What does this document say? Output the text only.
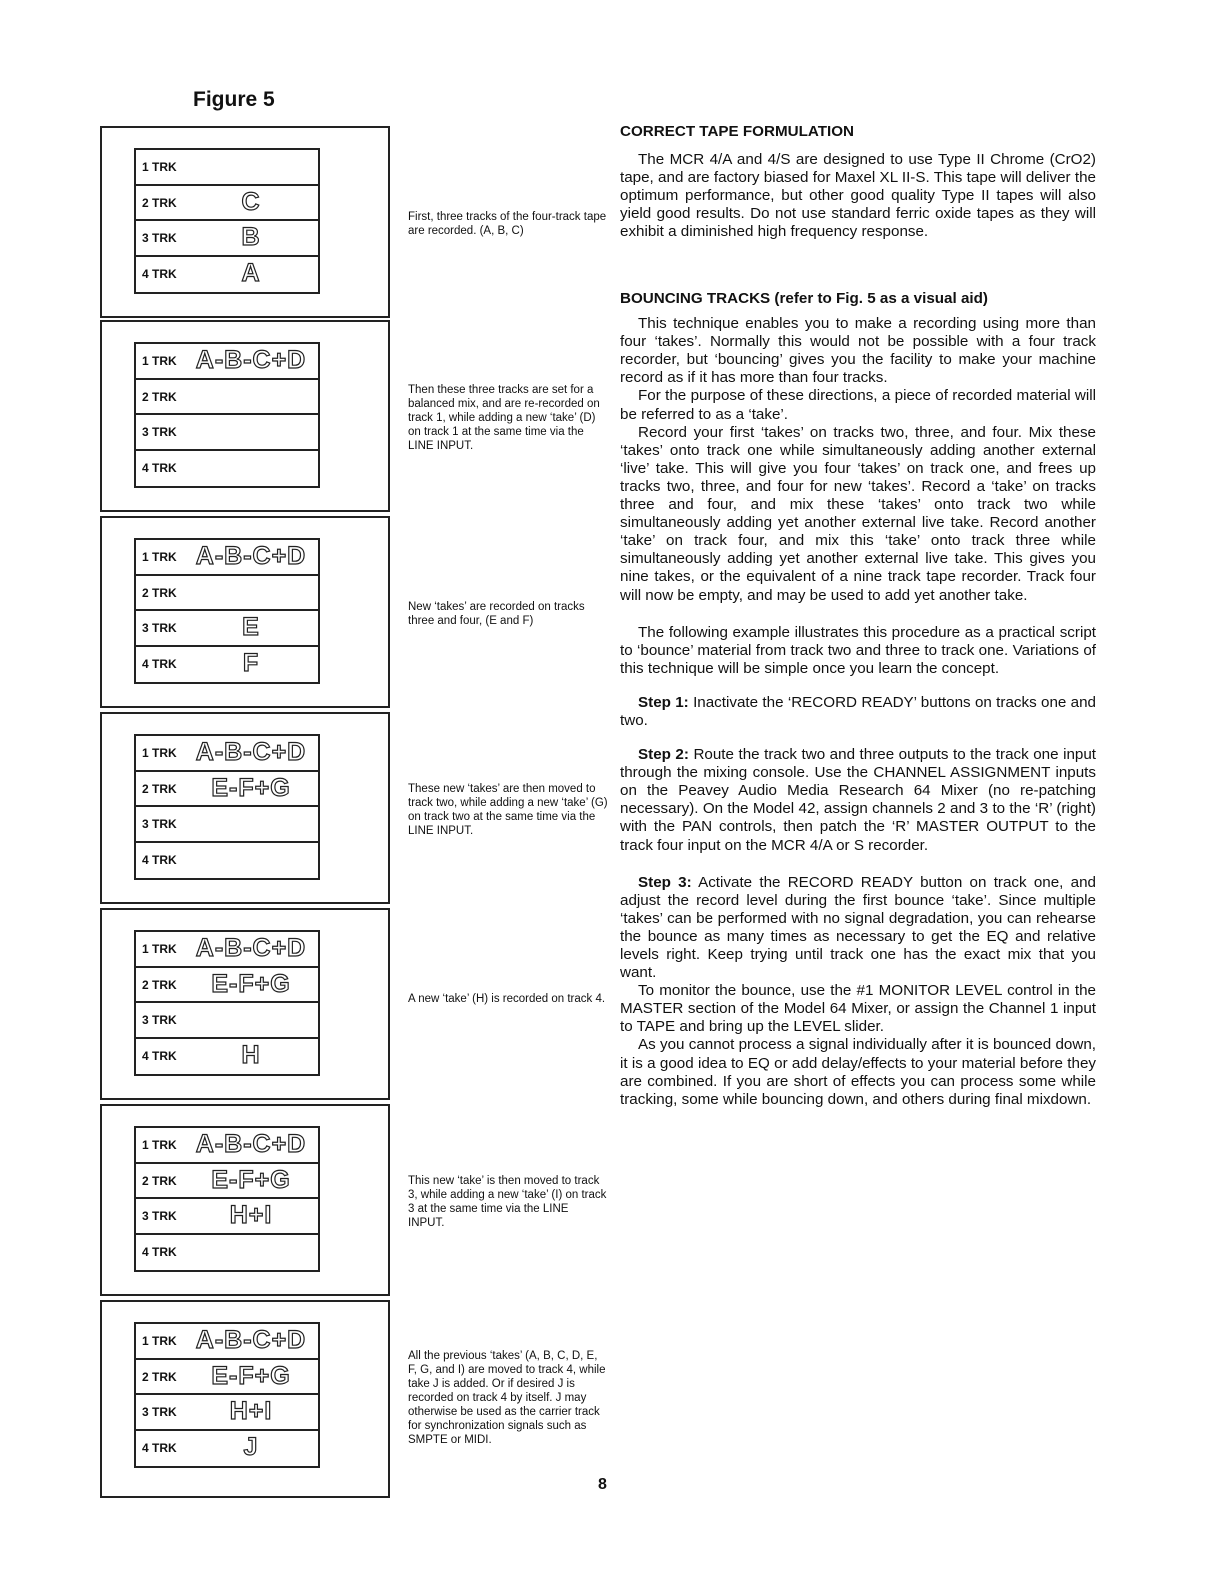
Figure 5
1 TRK
2 TRK	C
3 TRK	B
4 TRK	A
First, three tracks of the four-track tape are recorded. (A, B, C)
1 TRK A-B-C+D
2 TRK
3 TRK
4 TRK
Then these three tracks are set for a balanced mix, and are re-recorded on track 1, while adding a new ‘take’ (D) on track 1 at the same time via the LINE INPUT.
1 TRK A-B-C+D
2 TRK
3 TRK	E
4 TRK	F
New ‘takes’ are recorded on tracks three and four, (E and F)
1 TRK A-B-C+D
2 TRK	E-F+G
3 TRK
4 TRK
These new ‘takes’ are then moved to track two, while adding a new ‘take’ (G) on track two at the same time via the LINE INPUT.
1 TRK A-B-C+D
2 TRK	E-F+G
3 TRK
4 TRK	H
A new ‘take’ (H) is recorded on track 4.
1 TRK A-B-C+D
2 TRK	E-F+G
3 TRK	H+I
4 TRK
This new ‘take’ is then moved to track 3, while adding a new ‘take’ (I) on track 3 at the same time via the LINE INPUT.
1 TRK A-B-C+D
2 TRK	E-F+G
3 TRK	H+I
4 TRK	J
All the previous ‘takes’ (A, B, C, D, E, F, G, and I) are moved to track 4, while take J is added. Or if desired J is recorded on track 4 by itself. J may otherwise be used as the carrier track for synchronization signals such as SMPTE or MIDI.
CORRECT TAPE FORMULATION

The MCR 4/A and 4/S are designed to use Type II Chrome (CrO2) tape, and are factory biased for Maxel XL II-S. This tape will deliver the optimum performance, but other good quality Type II tapes will also yield good results. Do not use standard ferric oxide tapes as they will exhibit a diminished high frequency response.

BOUNCING TRACKS (refer to Fig. 5 as a visual aid)

This technique enables you to make a recording using more than four ‘takes’. Normally this would not be possible with a four track recorder, but ‘bouncing’ gives you the facility to make your machine record as if it has more than four tracks.

For the purpose of these directions, a piece of recorded material will be referred to as a ‘take’.

Record your first ‘takes’ on tracks two, three, and four. Mix these ‘takes’ onto track one while simultaneously adding another external ‘live’ take. This will give you four ‘takes’ on track one, and frees up tracks two, three, and four for new ‘takes’. Record a ‘take’ on tracks three and four, and mix these ‘takes’ onto track two while simultaneously adding yet another external live take. Record another ‘take’ on track four, and mix this ‘take’ onto track three while simultaneously adding yet another external live take. This gives you nine takes, or the equivalent of a nine track tape recorder. Track four will now be empty, and may be used to add yet another take.

The following example illustrates this procedure as a practical script to ‘bounce’ material from track two and three to track one. Variations of this technique will be simple once you learn the concept.

Step 1: Inactivate the ‘RECORD READY’ buttons on tracks one and two.

Step 2: Route the track two and three outputs to the track one input through the mixing console. Use the CHANNEL ASSIGNMENT inputs on the Peavey Audio Media Research 64 Mixer (no re-patching necessary). On the Model 42, assign channels 2 and 3 to the ‘R’ (right) with the PAN controls, then patch the ‘R’ MASTER OUTPUT to the track four input on the MCR 4/A or S recorder.

Step 3: Activate the RECORD READY button on track one, and adjust the record level during the first bounce ‘take’. Since multiple ‘takes’ can be performed with no signal degradation, you can rehearse the bounce as many times as necessary to get the EQ and relative levels right. Keep trying until track one has the exact mix that you want.

To monitor the bounce, use the #1 MONITOR LEVEL control in the MASTER section of the Model 64 Mixer, or assign the Channel 1 input to TAPE and bring up the LEVEL slider.

As you cannot process a signal individually after it is bounced down, it is a good idea to EQ or add delay/effects to your material before they are combined. If you are short of effects you can process some while tracking, some while bouncing down, and others during final mixdown.

8
